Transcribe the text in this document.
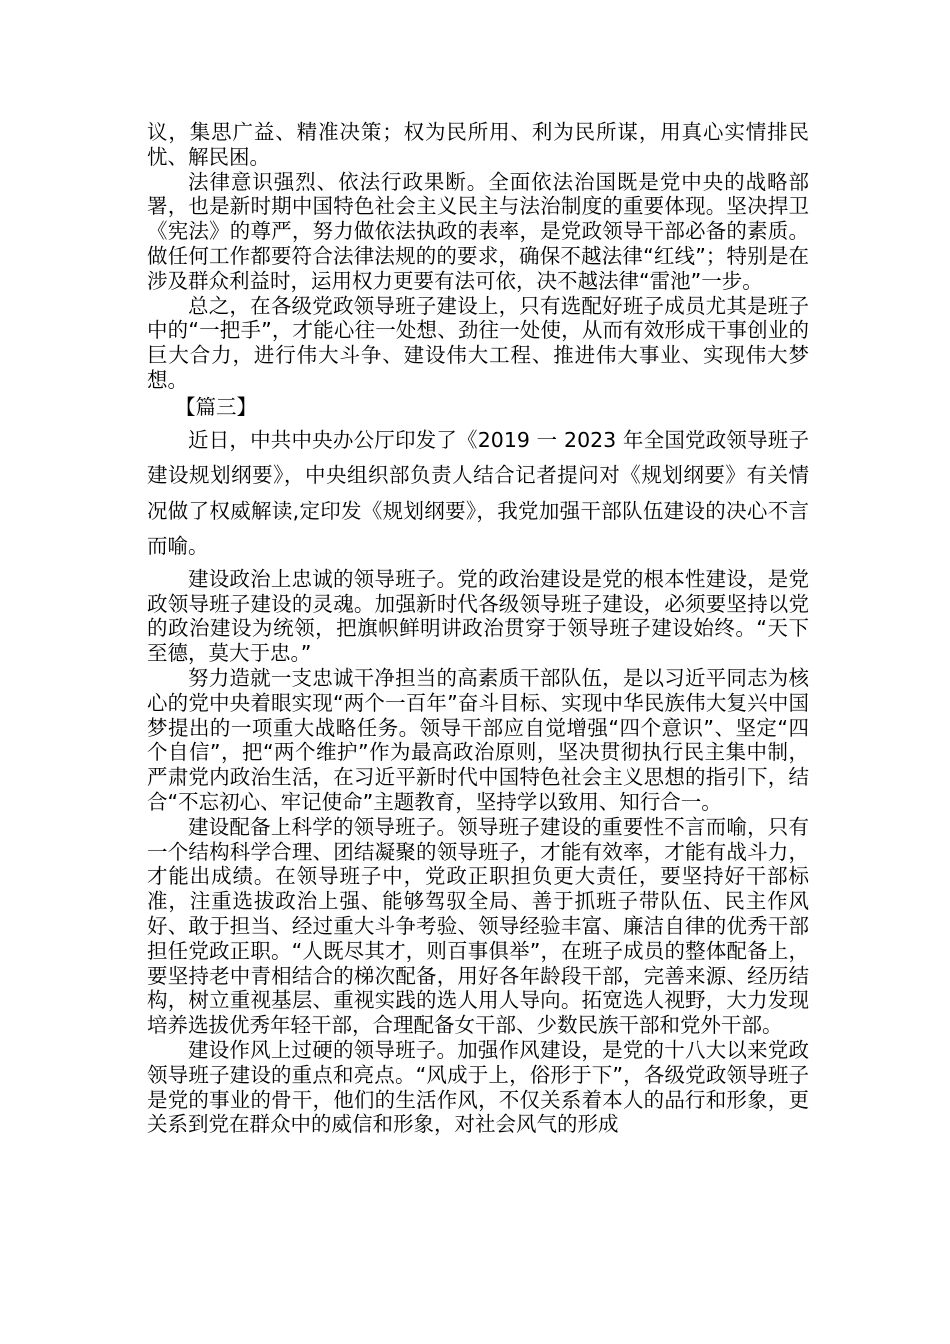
议，集思广益、精准决策；权为民所用、利为民所谋，用真心实情排民忧、解民困。

法律意识强烈、依法行政果断。全面依法治国既是党中央的战略部署，也是新时期中国特色社会主义民主与法治制度的重要体现。坚决捍卫《宪法》的尊严，努力做依法执政的表率，是党政领导干部必备的素质。做任何工作都要符合法律法规的的要求，确保不越法律“红线”；特别是在涉及群众利益时，运用权力更要有法可依，决不越法律“雷池”一步。

总之，在各级党政领导班子建设上，只有选配好班子成员尤其是班子中的“一把手”，才能心往一处想、劲往一处使，从而有效形成干事创业的巨大合力，进行伟大斗争、建设伟大工程、推进伟大事业、实现伟大梦想。

【篇三】

近日，中共中央办公厅印发了《2019 一 2023 年全国党政领导班子建设规划纲要》，中央组织部负责人结合记者提问对《规划纲要》有关情况做了权威解读,定印发《规划纲要》，我党加强干部队伍建设的决心不言而喻。

建设政治上忠诚的领导班子。党的政治建设是党的根本性建设，是党政领导班子建设的灵魂。加强新时代各级领导班子建设，必须要坚持以党的政治建设为统领，把旗帜鲜明讲政治贯穿于领导班子建设始终。“天下至德，莫大于忠。”

努力造就一支忠诚干净担当的高素质干部队伍，是以习近平同志为核心的党中央着眼实现“两个一百年”奋斗目标、实现中华民族伟大复兴中国梦提出的一项重大战略任务。领导干部应自觉增强“四个意识”、坚定“四个自信”，把“两个维护”作为最高政治原则，坚决贯彻执行民主集中制，严肃党内政治生活，在习近平新时代中国特色社会主义思想的指引下，结合“不忘初心、牢记使命”主题教育，坚持学以致用、知行合一。

建设配备上科学的领导班子。领导班子建设的重要性不言而喻，只有一个结构科学合理、团结凝聚的领导班子，才能有效率，才能有战斗力，才能出成绩。在领导班子中，党政正职担负更大责任，要坚持好干部标准，注重选拔政治上强、能够驾驭全局、善于抓班子带队伍、民主作风好、敢于担当、经过重大斗争考验、领导经验丰富、廉洁自律的优秀干部担任党政正职。“人既尽其才，则百事俱举”，在班子成员的整体配备上，要坚持老中青相结合的梯次配备，用好各年龄段干部，完善来源、经历结构，树立重视基层、重视实践的选人用人导向。拓宽选人视野，大力发现培养选拔优秀年轻干部，合理配备女干部、少数民族干部和党外干部。

建设作风上过硬的领导班子。加强作风建设，是党的十八大以来党政领导班子建设的重点和亮点。“风成于上，俗形于下”，各级党政领导班子是党的事业的骨干，他们的生活作风，不仅关系着本人的品行和形象，更关系到党在群众中的威信和形象，对社会风气的形成
